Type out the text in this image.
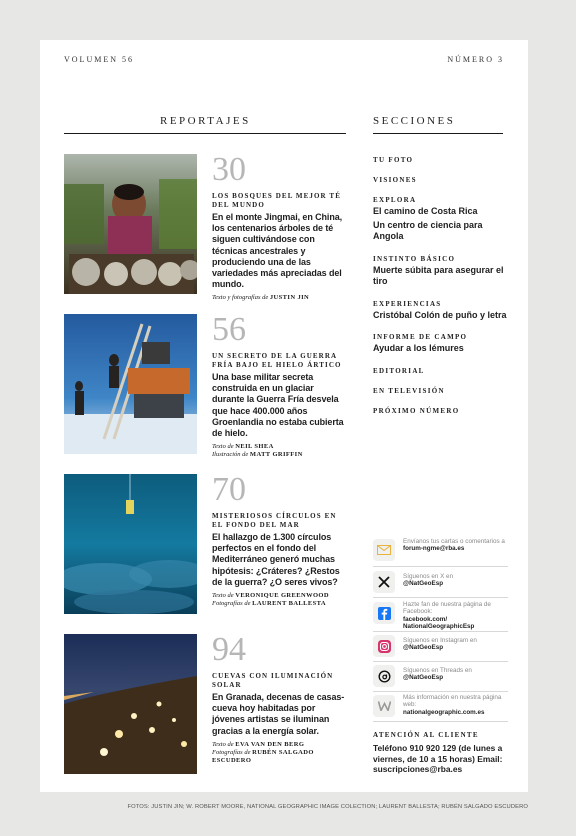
VOLUMEN 56	NÚMERO 3
REPORTAJES	SECCIONES
30
LOS BOSQUES DEL MEJOR TÉ DEL MUNDO
En el monte Jingmai, en China, los centenarios árboles de té siguen cultivándose con técnicas ancestrales y produciendo una de las variedades más apreciadas del mundo.
Texto y fotografías de JUSTIN JIN
56
UN SECRETO DE LA GUERRA FRÍA BAJO EL HIELO ÁRTICO
Una base militar secreta construida en un glaciar durante la Guerra Fría desvela que hace 400.000 años Groenlandia no estaba cubierta de hielo.
Texto de NEIL SHEA
Ilustración de MATT GRIFFIN
70
MISTERIOSOS CÍRCULOS EN EL FONDO DEL MAR
El hallazgo de 1.300 círculos perfectos en el fondo del Mediterráneo generó muchas hipótesis: ¿Cráteres? ¿Restos de la guerra? ¿O seres vivos?
Texto de VERONIQUE GREENWOOD
Fotografías de LAURENT BALLESTA
94
CUEVAS CON ILUMINACIÓN SOLAR
En Granada, decenas de casas-cueva hoy habitadas por jóvenes artistas se iluminan gracias a la energía solar.
Texto de EVA VAN DEN BERG
Fotografías de RUBÉN SALGADO ESCUDERO
TU FOTO
VISIONES
EXPLORA
El camino de Costa Rica
Un centro de ciencia para Angola
INSTINTO BÁSICO
Muerte súbita para asegurar el tiro
EXPERIENCIAS
Cristóbal Colón de puño y letra
INFORME DE CAMPO
Ayudar a los lémures
EDITORIAL
EN TELEVISIÓN
PRÓXIMO NÚMERO
Envíanos tus cartas o comentarios a
forum-ngme@rba.es
Síguenos en X en
@NatGeoEsp
Hazte fan de nuestra página de Facebook:
facebook.com/ NationalGeographicEsp
Síguenos en Instagram en
@NatGeoEsp
Síguenos en Threads en
@NatGeoEsp
Más información en nuestra página web:
nationalgeographic.com.es
ATENCIÓN AL CLIENTE
Teléfono 910 920 129 (de lunes a viernes, de 10 a 15 horas) Email: suscripciones@rba.es
FOTOS: JUSTIN JIN; W. ROBERT MOORE, NATIONAL GEOGRAPHIC IMAGE COLECTION; LAURENT BALLESTA; RUBÉN SALGADO ESCUDERO
